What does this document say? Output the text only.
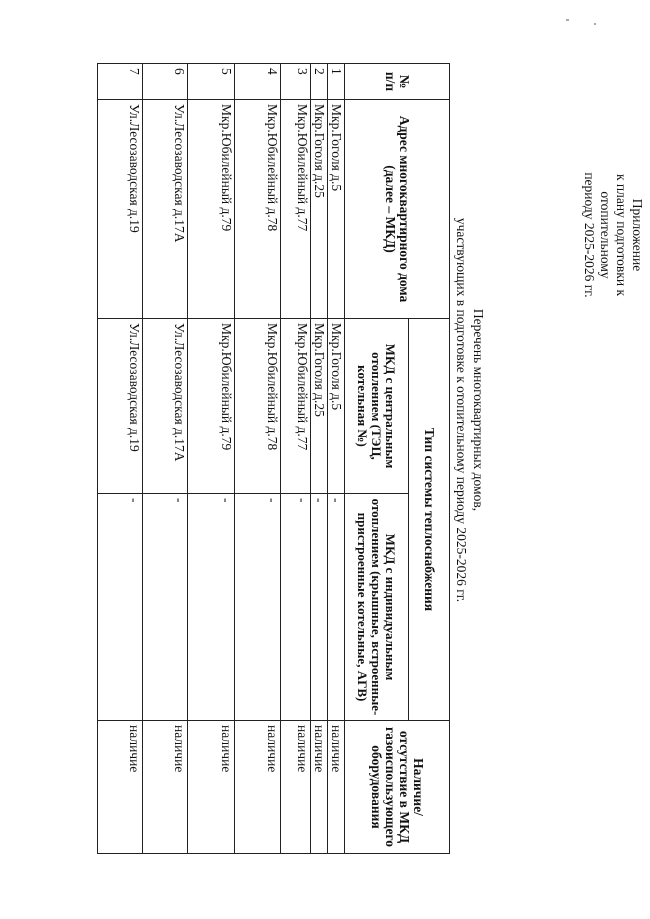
Приложение
к плану подготовки к отопительному
периоду 2025-2026 гг.
Перечень многоквартирных домов,
участвующих в подготовке к отопительному периоду 2025-2026 гг.
№ п/п	Адрес многоквартирного дома (далее – МКД)	Тип системы теплоснабжения		Наличие/отсутствие в МКД газоиспользующего оборудования
		МКД с центральным отоплением (ТЭЦ, котельная №)	МКД с индивидуальным отоплением (крышные, встроенные-пристроенные котельные, АГВ)	
1	Мкр.Гоголя д.5	Мкр.Гоголя д.5	-	наличие
2	Мкр.Гоголя д.25	Мкр.Гоголя д.25	-	наличие
3	Мкр.Юбилейный д.77	Мкр.Юбилейный д.77	-	наличие
4	Мкр.Юбилейный д.78	Мкр.Юбилейный д.78	-	наличие
5	Мкр.Юбилейный д.79	Мкр.Юбилейный д.79	-	наличие
6	Ул.Лесозаводская д.17А	Ул.Лесозаводская д.17А	-	наличие
7	Ул.Лесозаводская д.19	Ул.Лесозаводская д.19	-	наличие
